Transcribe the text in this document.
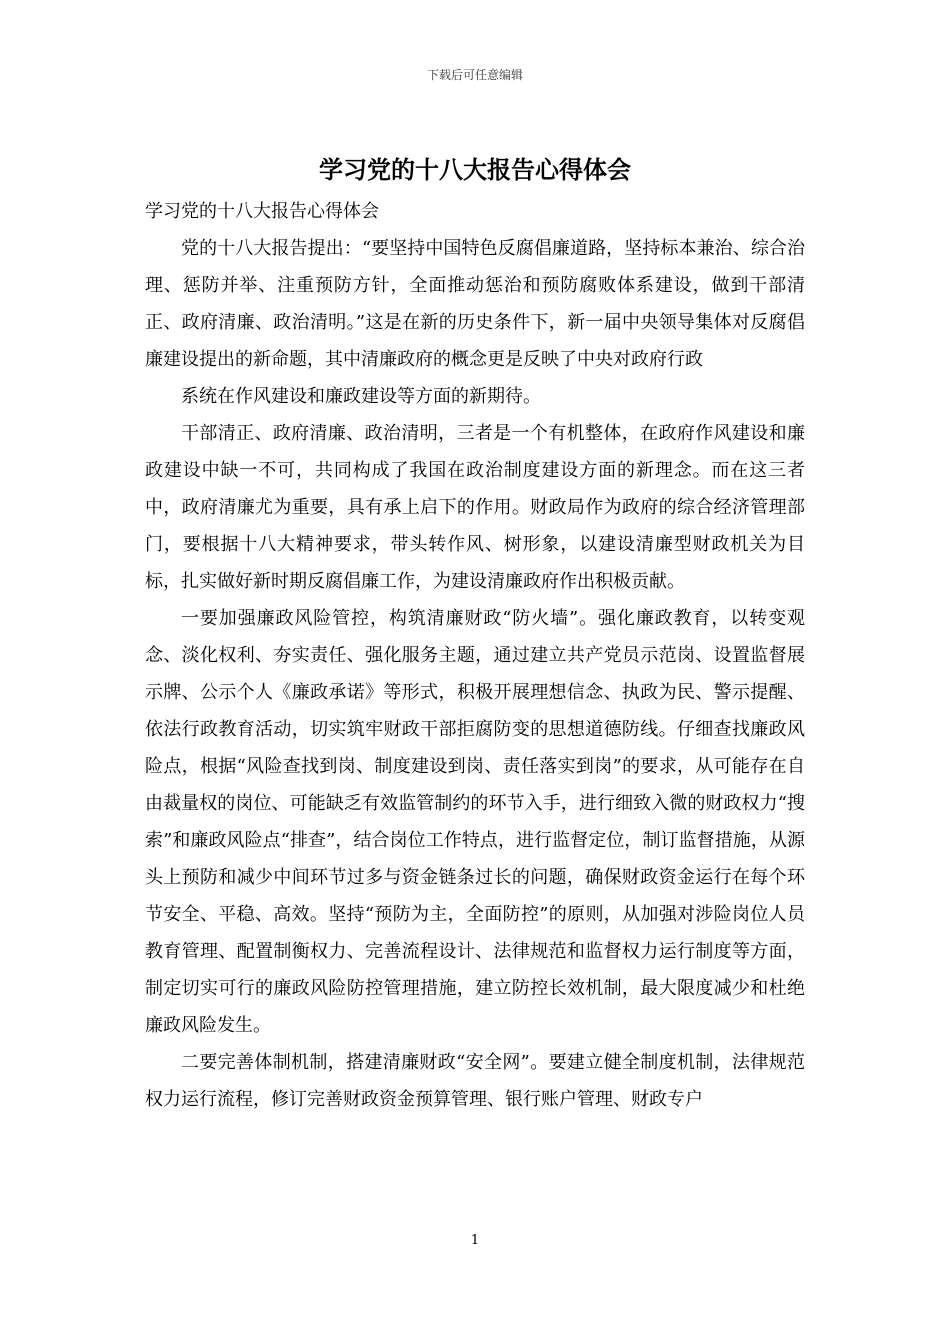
下载后可任意编辑
学习党的十八大报告心得体会

学习党的十八大报告心得体会

党的十八大报告提出：“要坚持中国特色反腐倡廉道路，坚持标本兼治、综合治理、惩防并举、注重预防方针，全面推动惩治和预防腐败体系建设，做到干部清正、政府清廉、政治清明。”这是在新的历史条件下，新一届中央领导集体对反腐倡廉建设提出的新命题，其中清廉政府的概念更是反映了中央对政府行政

系统在作风建设和廉政建设等方面的新期待。

干部清正、政府清廉、政治清明，三者是一个有机整体，在政府作风建设和廉政建设中缺一不可，共同构成了我国在政治制度建设方面的新理念。而在这三者中，政府清廉尤为重要，具有承上启下的作用。财政局作为政府的综合经济管理部门，要根据十八大精神要求，带头转作风、树形象，以建设清廉型财政机关为目标，扎实做好新时期反腐倡廉工作，为建设清廉政府作出积极贡献。

一要加强廉政风险管控，构筑清廉财政“防火墙”。强化廉政教育，以转变观念、淡化权利、夯实责任、强化服务主题，通过建立共产党员示范岗、设置监督展示牌、公示个人《廉政承诺》等形式，积极开展理想信念、执政为民、警示提醒、依法行政教育活动，切实筑牢财政干部拒腐防变的思想道德防线。仔细查找廉政风险点，根据“风险查找到岗、制度建设到岗、责任落实到岗”的要求，从可能存在自由裁量权的岗位、可能缺乏有效监管制约的环节入手，进行细致入微的财政权力“搜索”和廉政风险点“排查”，结合岗位工作特点，进行监督定位，制订监督措施，从源头上预防和减少中间环节过多与资金链条过长的问题，确保财政资金运行在每个环节安全、平稳、高效。坚持“预防为主，全面防控”的原则，从加强对涉险岗位人员教育管理、配置制衡权力、完善流程设计、法律规范和监督权力运行制度等方面，制定切实可行的廉政风险防控管理措施，建立防控长效机制，最大限度减少和杜绝廉政风险发生。

二要完善体制机制，搭建清廉财政“安全网”。要建立健全制度机制，法律规范权力运行流程，修订完善财政资金预算管理、银行账户管理、财政专户

1
